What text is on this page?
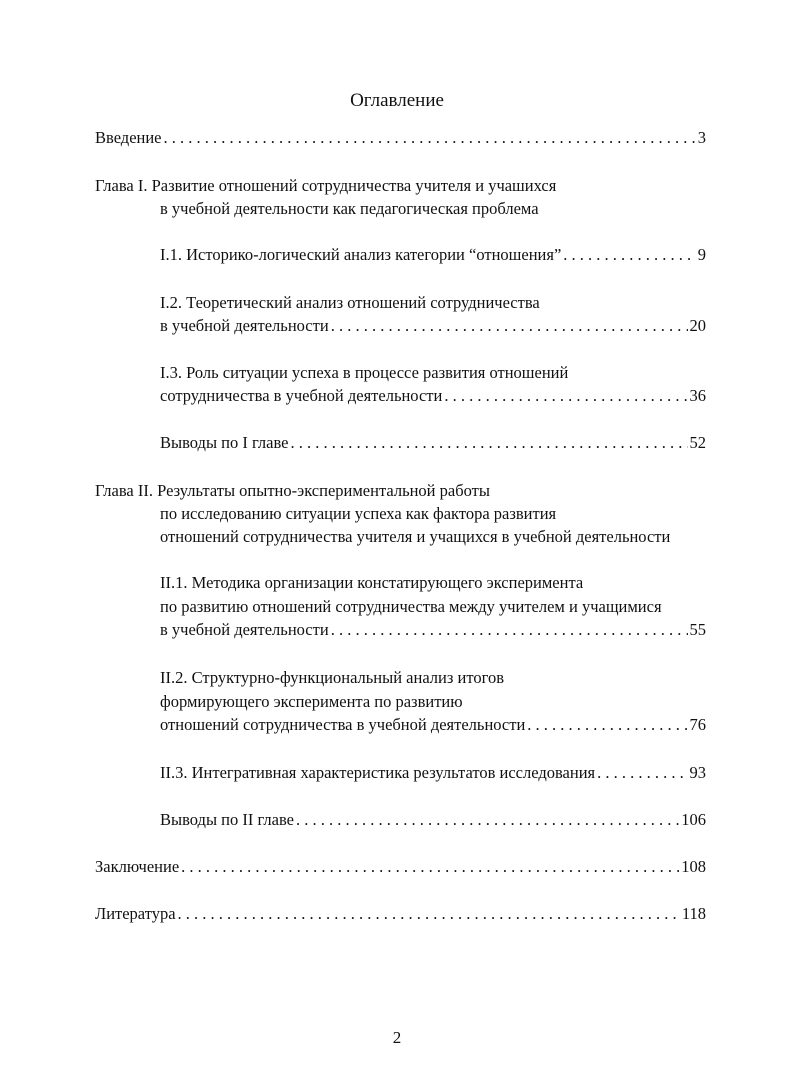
Оглавление
Введение . . .	3
Глава I. Развитие отношений сотрудничества учителя и учашихся
в учебной деятельности как педагогическая проблема
I.1. Историко-логический анализ категории “отношения” . . .	9
I.2. Теоретический анализ отношений сотрудничества
в учебной деятельности . . .	20
I.3. Роль ситуации успеха в процессе развития отношений
сотрудничества в учебной деятельности . . .	36
Выводы по I главе . . .	52
Глава II. Результаты опытно-экспериментальной работы
по исследованию ситуации успеха как фактора развития
отношений сотрудничества учителя и учащихся в учебной деятельности
II.1. Методика организации констатирующего эксперимента
по развитию отношений сотрудничества между учителем и учащимися
в учебной деятельности . . .	55
II.2. Структурно-функциональный анализ итогов
формирующего эксперимента по развитию
отношений сотрудничества в учебной деятельности . . .	76
II.3. Интегративная характеристика результатов исследования . . .	93
Выводы по II главе . . .	106
Заключение . . .	108
Литература . . .	118
2
